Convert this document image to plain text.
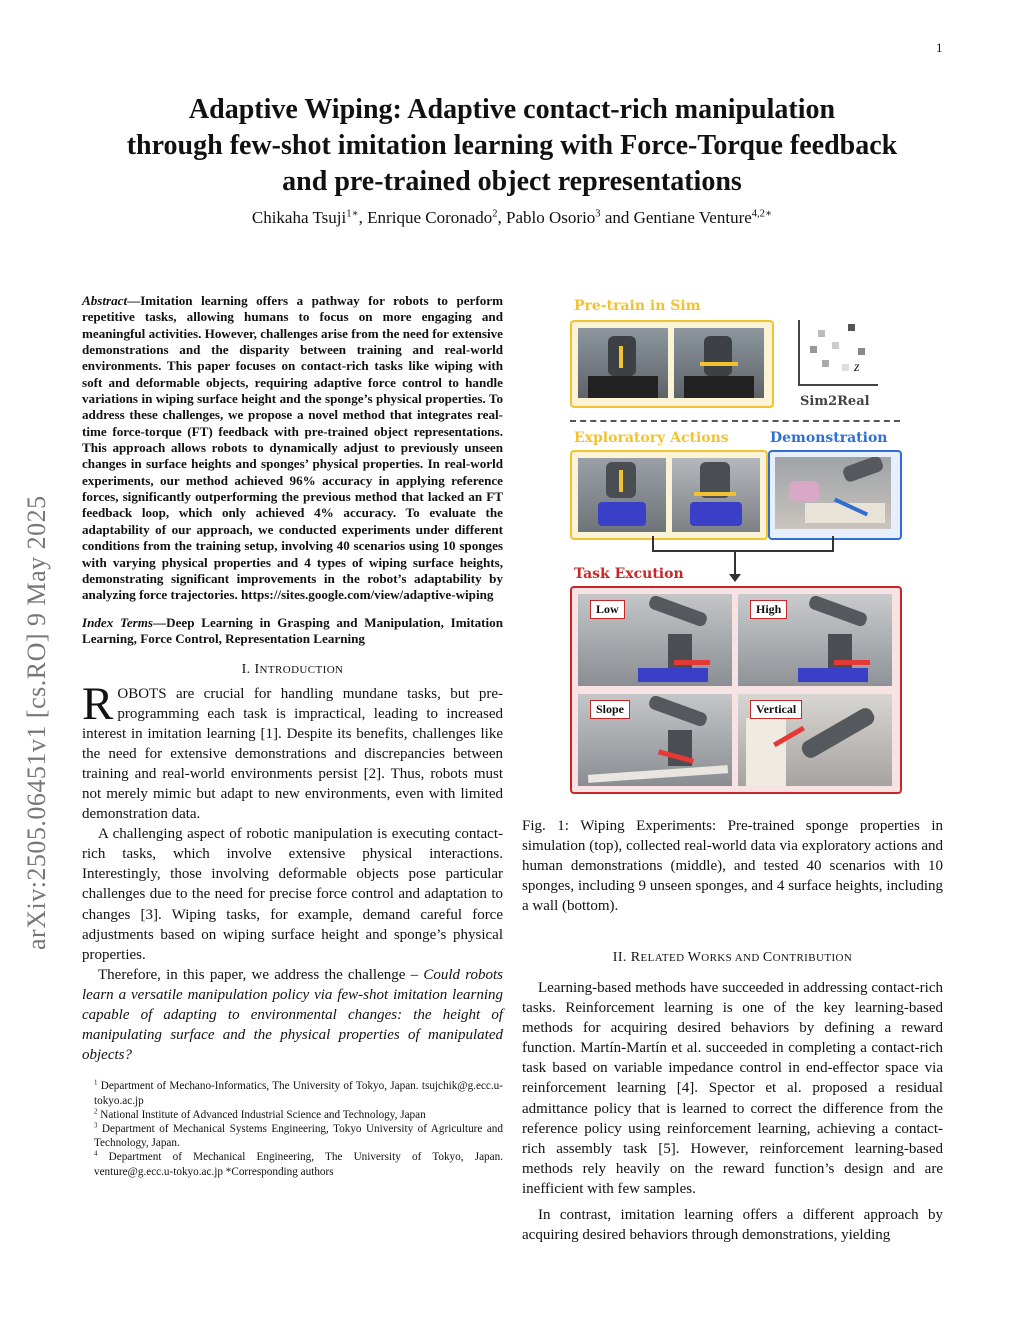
1
arXiv:2505.06451v1 [cs.RO] 9 May 2025
Adaptive Wiping: Adaptive contact-rich manipulation
through few-shot imitation learning with Force-Torque feedback
and pre-trained object representations
Chikaha Tsuji$^{1∗}$, Enrique Coronado$^2$, Pablo Osorio$^3$ and Gentiane Venture$^{4,2∗}$
Abstract—Imitation learning offers a pathway for robots to perform repetitive tasks, allowing humans to focus on more engaging and meaningful activities. However, challenges arise from the need for extensive demonstrations and the disparity between training and real-world environments. This paper focuses on contact-rich tasks like wiping with soft and deformable objects, requiring adaptive force control to handle variations in wiping surface height and the sponge’s physical properties. To address these challenges, we propose a novel method that integrates real-time force-torque (FT) feedback with pre-trained object representations. This approach allows robots to dynamically adjust to previously unseen changes in surface heights and sponges’ physical properties. In real-world experiments, our method achieved 96% accuracy in applying reference forces, significantly outperforming the previous method that lacked an FT feedback loop, which only achieved 4% accuracy. To evaluate the adaptability of our approach, we conducted experiments under different conditions from the training setup, involving 40 scenarios using 10 sponges with varying physical properties and 4 types of wiping surface heights, demonstrating significant improvements in the robot’s adaptability by analyzing force trajectories. https://sites.google.com/view/adaptive-wiping
Index Terms—Deep Learning in Grasping and Manipulation, Imitation Learning, Force Control, Representation Learning
I. INTRODUCTION

ROBOTS are crucial for handling mundane tasks, but pre-programming each task is impractical, leading to increased interest in imitation learning [1]. Despite its benefits, challenges like the need for extensive demonstrations and discrepancies between training and real-world environments persist [2]. Thus, robots must not merely mimic but adapt to new environments, even with limited demonstration data.

A challenging aspect of robotic manipulation is executing contact-rich tasks, which involve extensive physical interactions. Interestingly, those involving deformable objects pose particular challenges due to the need for precise force control and adaptation to changes [3]. Wiping tasks, for example, demand careful force adjustments based on wiping surface height and sponge’s physical properties.

Therefore, in this paper, we address the challenge – Could robots learn a versatile manipulation policy via few-shot imitation learning capable of adapting to environmental changes: the height of manipulating surface and the physical properties of manipulated objects?

$^1$ Department of Mechano-Informatics, The University of Tokyo, Japan. tsujchik@g.ecc.u-tokyo.ac.jp

$^2$ National Institute of Advanced Industrial Science and Technology, Japan

$^3$ Department of Mechanical Systems Engineering, Tokyo University of Agriculture and Technology, Japan.

$^4$ Department of Mechanical Engineering, The University of Tokyo, Japan. venture@g.ecc.u-tokyo.ac.jp *Corresponding authors

Pre-train in Sim
z
Sim2Real
Exploratory Actions	Demonstration
Task Excution
Low	High
Slope	Vertical
Fig. 1: Wiping Experiments: Pre-trained sponge properties in simulation (top), collected real-world data via exploratory actions and human demonstrations (middle), and tested 40 scenarios with 10 sponges, including 9 unseen sponges, and 4 surface heights, including a wall (bottom).
II. RELATED WORKS AND CONTRIBUTION

Learning-based methods have succeeded in addressing contact-rich tasks. Reinforcement learning is one of the key learning-based methods for acquiring desired behaviors by defining a reward function. Martín-Martín et al. succeeded in completing a contact-rich task based on variable impedance control in end-effector space via reinforcement learning [4]. Spector et al. proposed a residual admittance policy that is learned to correct the difference from the reference policy using reinforcement learning, achieving a contact-rich assembly task [5]. However, reinforcement learning-based methods rely heavily on the reward function’s design and are inefficient with few samples.

In contrast, imitation learning offers a different approach by acquiring desired behaviors through demonstrations, yielding
